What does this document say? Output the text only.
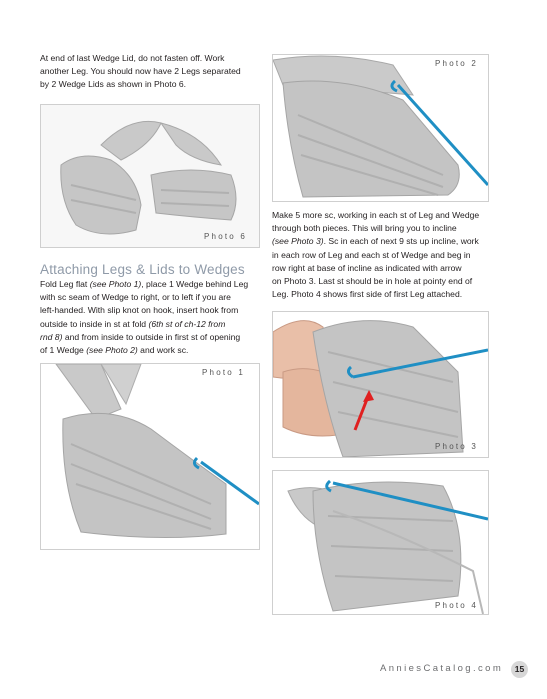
At end of last Wedge Lid, do not fasten off. Work
another Leg. You should now have 2 Legs separated
by 2 Wedge Lids as shown in Photo 6.
Photo 6
Attaching Legs & Lids to Wedges
Fold Leg flat (see Photo 1), place 1 Wedge behind Leg
with sc seam of Wedge to right, or to left if you are
left-handed. With slip knot on hook, insert hook from
outside to inside in st at fold (6th st of ch-12 from
rnd 8) and from inside to outside in first st of opening
of 1 Wedge (see Photo 2) and work sc.
Photo 1
Photo 2
Make 5 more sc, working in each st of Leg and Wedge
through both pieces. This will bring you to incline
(see Photo 3). Sc in each of next 9 sts up incline, work
in each row of Leg and each st of Wedge and beg in
row right at base of incline as indicated with arrow
on Photo 3. Last st should be in hole at pointy end of
Leg. Photo 4 shows first side of first Leg attached.
Photo 3
Photo 4
AnniesCatalog.com	15
